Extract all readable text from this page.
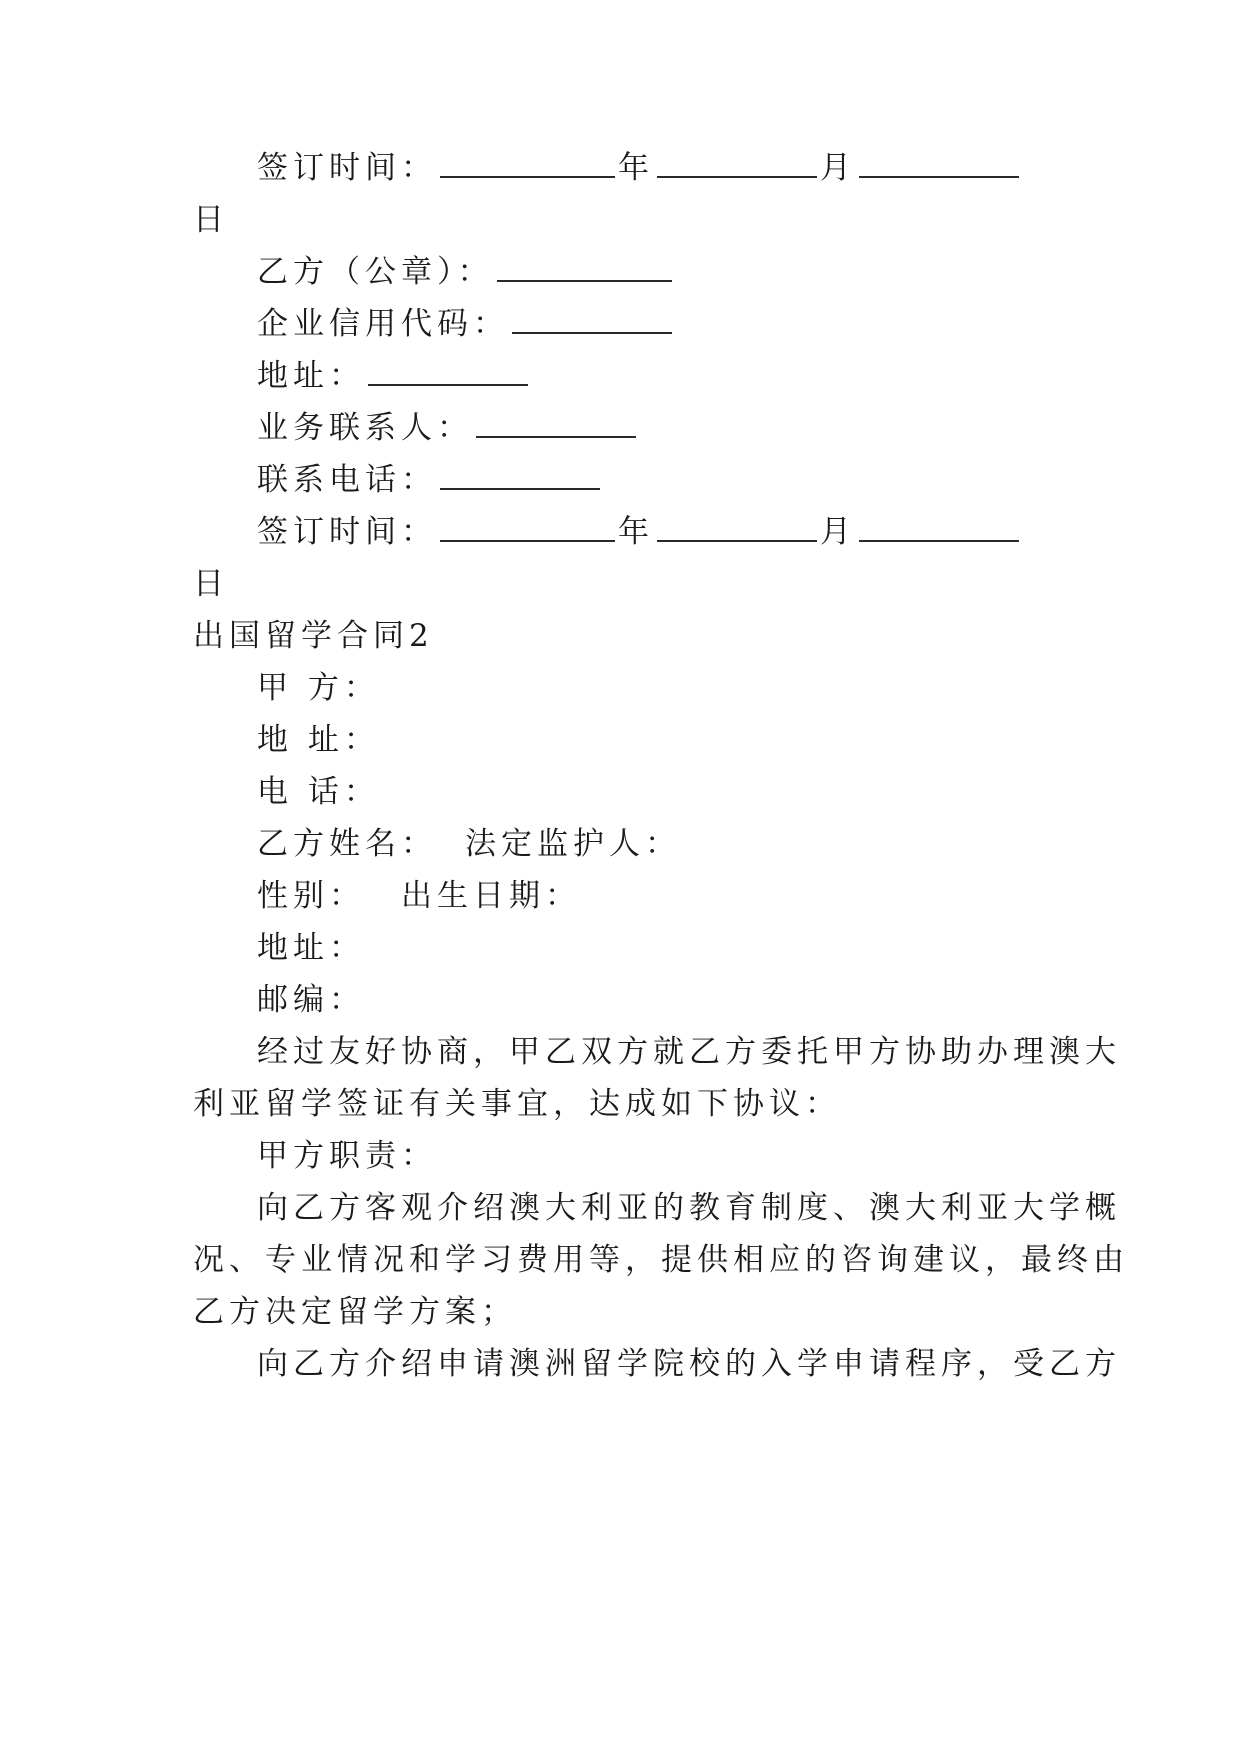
签订时间：	年	月
日
乙方（公章）：
企业信用代码：
地址：
业务联系人：
联系电话：
签订时间：	年	月
日
出国留学合同2
甲 方：
地 址：
电 话：
乙方姓名： 法定监护人：
性别： 出生日期：
地址：
邮编：
经过友好协商，甲乙双方就乙方委托甲方协助办理澳大
利亚留学签证有关事宜，达成如下协议：
甲方职责：
向乙方客观介绍澳大利亚的教育制度、澳大利亚大学概
况、专业情况和学习费用等，提供相应的咨询建议，最终由
乙方决定留学方案；
向乙方介绍申请澳洲留学院校的入学申请程序，受乙方
